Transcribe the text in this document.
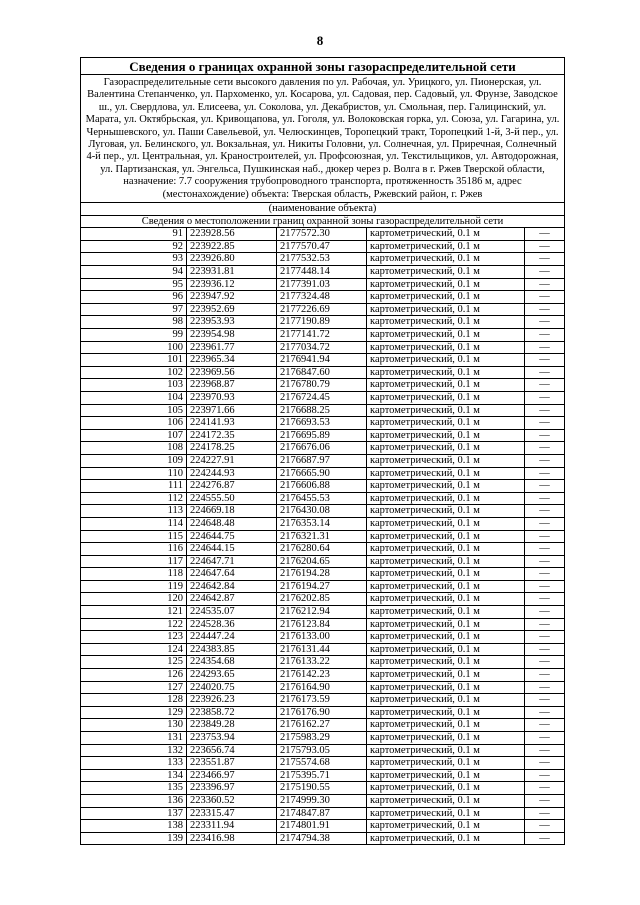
8
Сведения о границах охранной зоны газораспределительной сети				
Газораспределительные сети высокого давления по ул. Рабочая, ул. Урицкого, ул. Пионерская, ул. Валентина Степанченко, ул. Пархоменко, ул. Косарова, ул. Садовая, пер. Садовый, ул. Фрунзе, Заводское ш., ул. Свердлова, ул. Елисеева, ул. Соколова, ул. Декабристов, ул. Смольная, пер. Галицинский, ул. Марата, ул. Октябрьская, ул. Кривощапова, ул. Гоголя, ул. Волоковская горка, ул. Союза, ул. Гагарина, ул. Чернышевского, ул. Паши Савельевой, ул. Челюскинцев, Торопецкий тракт, Торопецкий 1-й, 3-й пер., ул. Луговая, ул. Белинского, ул. Вокзальная, ул. Никиты Головни, ул. Солнечная, ул. Приречная, Солнечный 4-й пер., ул. Центральная, ул. Краностроителей, ул. Профсоюзная, ул. Текстильщиков, ул. Автодорожная, ул. Партизанская, ул. Энгельса, Пушкинская наб., дюкер через р. Волга в г. Ржев Тверской области, назначение: 7.7 сооружения трубопроводного транспорта, протяженность 35186 м, адрес (местонахождение) объекта: Тверская область, Ржевский район, г. Ржев				
(наименование объекта)				
Сведения о местоположении границ охранной зоны газораспределительной сети				
91	223928.56	2177572.30	картометрический, 0.1 м	—
92	223922.85	2177570.47	картометрический, 0.1 м	—
93	223926.80	2177532.53	картометрический, 0.1 м	—
94	223931.81	2177448.14	картометрический, 0.1 м	—
95	223936.12	2177391.03	картометрический, 0.1 м	—
96	223947.92	2177324.48	картометрический, 0.1 м	—
97	223952.69	2177226.69	картометрический, 0.1 м	—
98	223953.93	2177190.89	картометрический, 0.1 м	—
99	223954.98	2177141.72	картометрический, 0.1 м	—
100	223961.77	2177034.72	картометрический, 0.1 м	—
101	223965.34	2176941.94	картометрический, 0.1 м	—
102	223969.56	2176847.60	картометрический, 0.1 м	—
103	223968.87	2176780.79	картометрический, 0.1 м	—
104	223970.93	2176724.45	картометрический, 0.1 м	—
105	223971.66	2176688.25	картометрический, 0.1 м	—
106	224141.93	2176693.53	картометрический, 0.1 м	—
107	224172.35	2176695.89	картометрический, 0.1 м	—
108	224178.25	2176676.06	картометрический, 0.1 м	—
109	224227.91	2176687.97	картометрический, 0.1 м	—
110	224244.93	2176665.90	картометрический, 0.1 м	—
111	224276.87	2176606.88	картометрический, 0.1 м	—
112	224555.50	2176455.53	картометрический, 0.1 м	—
113	224669.18	2176430.08	картометрический, 0.1 м	—
114	224648.48	2176353.14	картометрический, 0.1 м	—
115	224644.75	2176321.31	картометрический, 0.1 м	—
116	224644.15	2176280.64	картометрический, 0.1 м	—
117	224647.71	2176204.65	картометрический, 0.1 м	—
118	224647.64	2176194.28	картометрический, 0.1 м	—
119	224642.84	2176194.27	картометрический, 0.1 м	—
120	224642.87	2176202.85	картометрический, 0.1 м	—
121	224535.07	2176212.94	картометрический, 0.1 м	—
122	224528.36	2176123.84	картометрический, 0.1 м	—
123	224447.24	2176133.00	картометрический, 0.1 м	—
124	224383.85	2176131.44	картометрический, 0.1 м	—
125	224354.68	2176133.22	картометрический, 0.1 м	—
126	224293.65	2176142.23	картометрический, 0.1 м	—
127	224020.75	2176164.90	картометрический, 0.1 м	—
128	223926.23	2176173.59	картометрический, 0.1 м	—
129	223858.72	2176176.90	картометрический, 0.1 м	—
130	223849.28	2176162.27	картометрический, 0.1 м	—
131	223753.94	2175983.29	картометрический, 0.1 м	—
132	223656.74	2175793.05	картометрический, 0.1 м	—
133	223551.87	2175574.68	картометрический, 0.1 м	—
134	223466.97	2175395.71	картометрический, 0.1 м	—
135	223396.97	2175190.55	картометрический, 0.1 м	—
136	223360.52	2174999.30	картометрический, 0.1 м	—
137	223315.47	2174847.87	картометрический, 0.1 м	—
138	223311.94	2174801.91	картометрический, 0.1 м	—
139	223416.98	2174794.38	картометрический, 0.1 м	—
